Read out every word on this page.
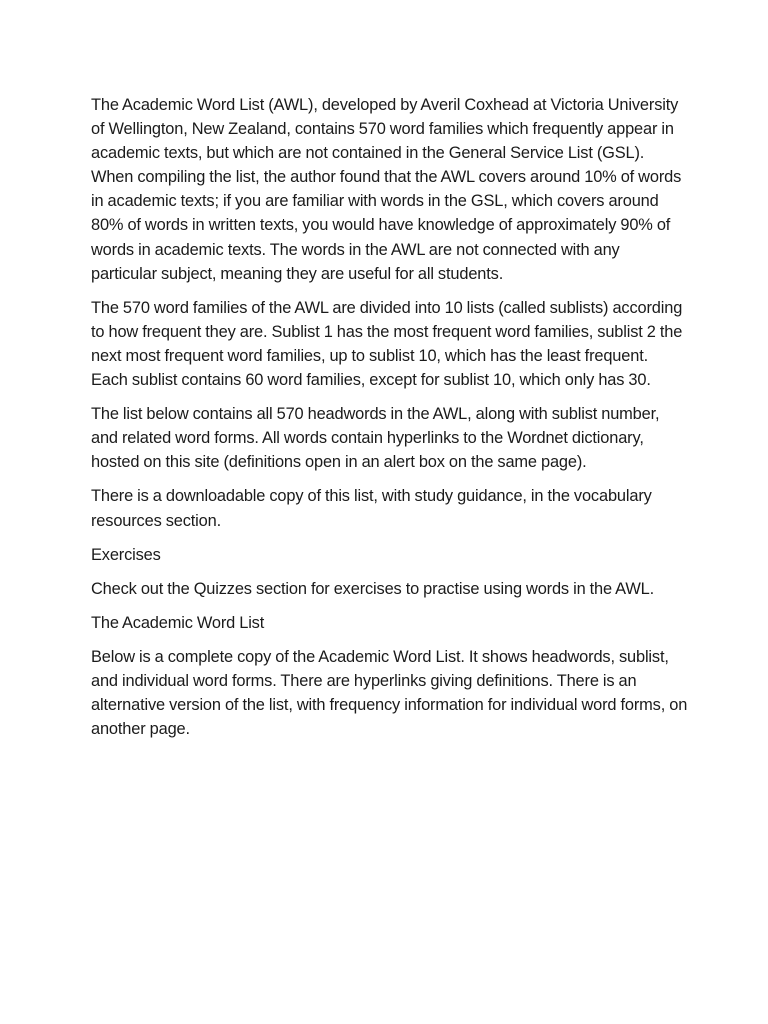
The Academic Word List (AWL), developed by Averil Coxhead at Victoria University of Wellington, New Zealand, contains 570 word families which frequently appear in academic texts, but which are not contained in the General Service List (GSL). When compiling the list, the author found that the AWL covers around 10% of words in academic texts; if you are familiar with words in the GSL, which covers around 80% of words in written texts, you would have knowledge of approximately 90% of words in academic texts. The words in the AWL are not connected with any particular subject, meaning they are useful for all students.

The 570 word families of the AWL are divided into 10 lists (called sublists) according to how frequent they are. Sublist 1 has the most frequent word families, sublist 2 the next most frequent word families, up to sublist 10, which has the least frequent. Each sublist contains 60 word families, except for sublist 10, which only has 30.

The list below contains all 570 headwords in the AWL, along with sublist number, and related word forms. All words contain hyperlinks to the Wordnet dictionary, hosted on this site (definitions open in an alert box on the same page).

There is a downloadable copy of this list, with study guidance, in the vocabulary resources section.

Exercises

Check out the Quizzes section for exercises to practise using words in the AWL.

The Academic Word List

Below is a complete copy of the Academic Word List. It shows headwords, sublist, and individual word forms. There are hyperlinks giving definitions. There is an alternative version of the list, with frequency information for individual word forms, on another page.
